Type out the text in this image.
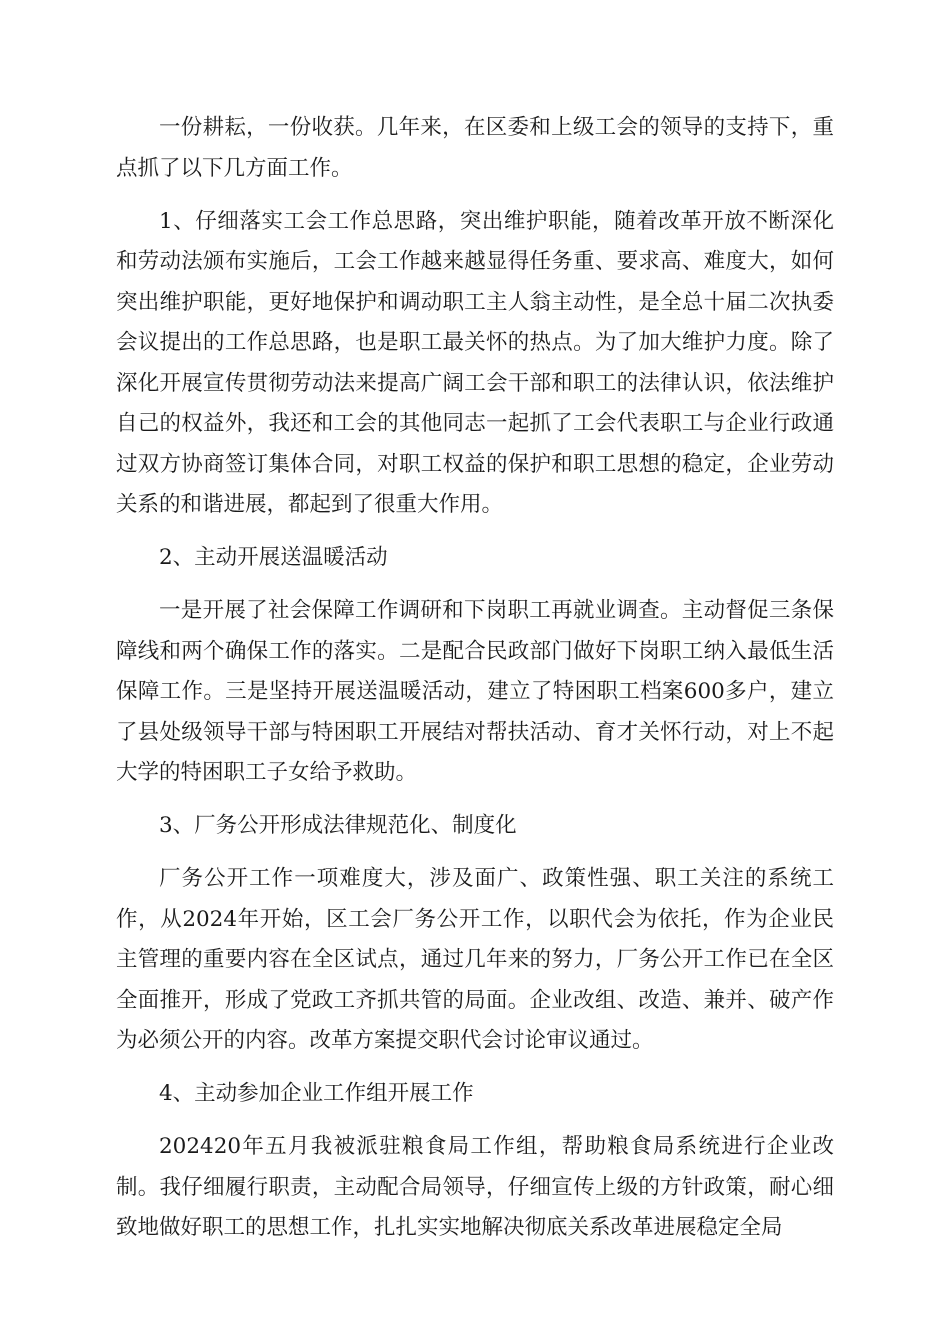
一份耕耘，一份收获。几年来，在区委和上级工会的领导的支持下，重点抓了以下几方面工作。

1、仔细落实工会工作总思路，突出维护职能，随着改革开放不断深化和劳动法颁布实施后，工会工作越来越显得任务重、要求高、难度大，如何突出维护职能，更好地保护和调动职工主人翁主动性，是全总十届二次执委会议提出的工作总思路，也是职工最关怀的热点。为了加大维护力度。除了深化开展宣传贯彻劳动法来提高广阔工会干部和职工的法律认识，依法维护自己的权益外，我还和工会的其他同志一起抓了工会代表职工与企业行政通过双方协商签订集体合同，对职工权益的保护和职工思想的稳定，企业劳动关系的和谐进展，都起到了很重大作用。

2、主动开展送温暖活动

一是开展了社会保障工作调研和下岗职工再就业调查。主动督促三条保障线和两个确保工作的落实。二是配合民政部门做好下岗职工纳入最低生活保障工作。三是坚持开展送温暖活动，建立了特困职工档案600多户，建立了县处级领导干部与特困职工开展结对帮扶活动、育才关怀行动，对上不起大学的特困职工子女给予救助。

3、厂务公开形成法律规范化、制度化

厂务公开工作一项难度大，涉及面广、政策性强、职工关注的系统工作，从2024年开始，区工会厂务公开工作，以职代会为依托，作为企业民主管理的重要内容在全区试点，通过几年来的努力，厂务公开工作已在全区全面推开，形成了党政工齐抓共管的局面。企业改组、改造、兼并、破产作为必须公开的内容。改革方案提交职代会讨论审议通过。

4、主动参加企业工作组开展工作

202420年五月我被派驻粮食局工作组，帮助粮食局系统进行企业改制。我仔细履行职责，主动配合局领导，仔细宣传上级的方针政策，耐心细致地做好职工的思想工作，扎扎实实地解决彻底关系改革进展稳定全局
